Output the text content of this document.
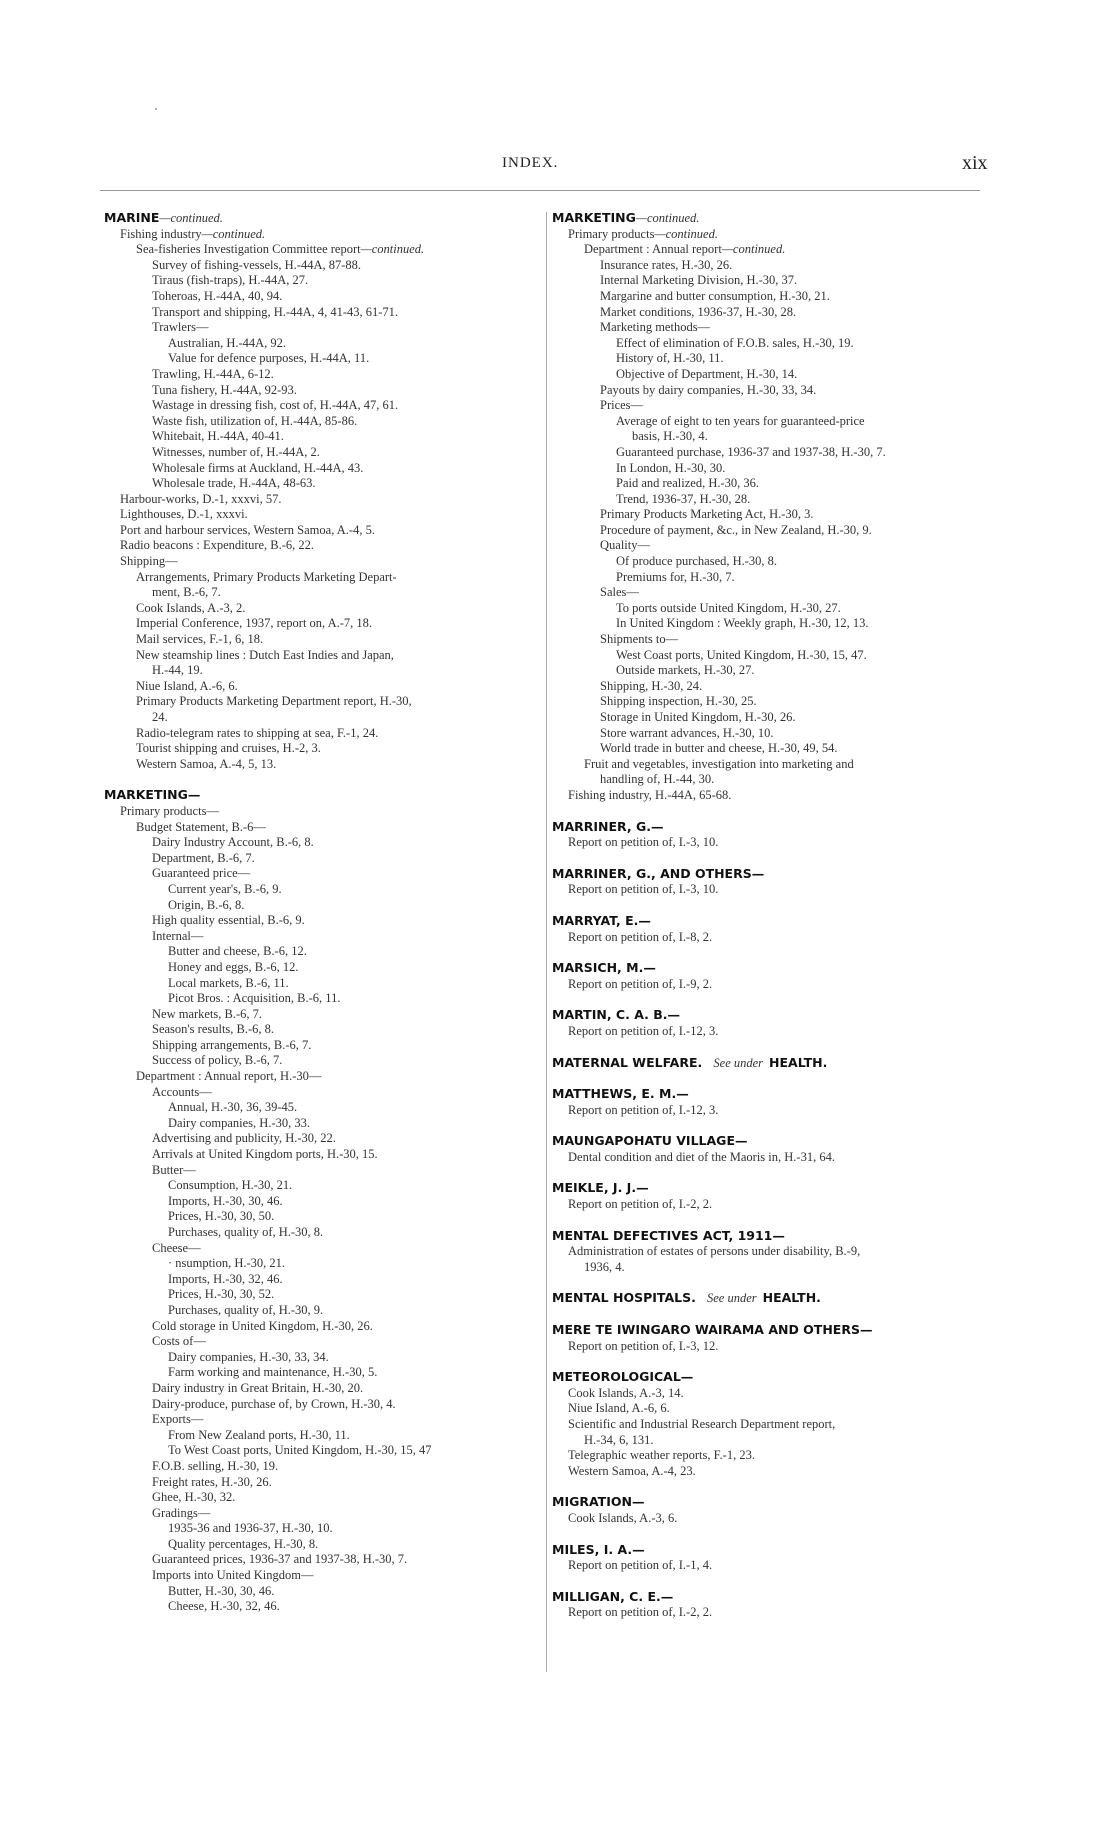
INDEX.	xix
MARINE—continued.
Fishing industry—continued.
Sea-fisheries Investigation Committee report—continued.
Survey of fishing-vessels, H.-44A, 87-88.
Tiraus (fish-traps), H.-44A, 27.
Toheroas, H.-44A, 40, 94.
Transport and shipping, H.-44A, 4, 41-43, 61-71.
Trawlers—
Australian, H.-44A, 92.
Value for defence purposes, H.-44A, 11.
Trawling, H.-44A, 6-12.
Tuna fishery, H.-44A, 92-93.
Wastage in dressing fish, cost of, H.-44A, 47, 61.
Waste fish, utilization of, H.-44A, 85-86.
Whitebait, H.-44A, 40-41.
Witnesses, number of, H.-44A, 2.
Wholesale firms at Auckland, H.-44A, 43.
Wholesale trade, H.-44A, 48-63.
Harbour-works, D.-1, xxxvi, 57.
Lighthouses, D.-1, xxxvi.
Port and harbour services, Western Samoa, A.-4, 5.
Radio beacons : Expenditure, B.-6, 22.
Shipping—
Arrangements, Primary Products Marketing Depart-
ment, B.-6, 7.
Cook Islands, A.-3, 2.
Imperial Conference, 1937, report on, A.-7, 18.
Mail services, F.-1, 6, 18.
New steamship lines : Dutch East Indies and Japan,
H.-44, 19.
Niue Island, A.-6, 6.
Primary Products Marketing Department report, H.-30,
24.
Radio-telegram rates to shipping at sea, F.-1, 24.
Tourist shipping and cruises, H.-2, 3.
Western Samoa, A.-4, 5, 13.
MARKETING—
Primary products—
Budget Statement, B.-6—
Dairy Industry Account, B.-6, 8.
Department, B.-6, 7.
Guaranteed price—
Current year's, B.-6, 9.
Origin, B.-6, 8.
High quality essential, B.-6, 9.
Internal—
Butter and cheese, B.-6, 12.
Honey and eggs, B.-6, 12.
Local markets, B.-6, 11.
Picot Bros. : Acquisition, B.-6, 11.
New markets, B.-6, 7.
Season's results, B.-6, 8.
Shipping arrangements, B.-6, 7.
Success of policy, B.-6, 7.
Department : Annual report, H.-30—
Accounts—
Annual, H.-30, 36, 39-45.
Dairy companies, H.-30, 33.
Advertising and publicity, H.-30, 22.
Arrivals at United Kingdom ports, H.-30, 15.
Butter—
Consumption, H.-30, 21.
Imports, H.-30, 30, 46.
Prices, H.-30, 30, 50.
Purchases, quality of, H.-30, 8.
Cheese—
· nsumption, H.-30, 21.
Imports, H.-30, 32, 46.
Prices, H.-30, 30, 52.
Purchases, quality of, H.-30, 9.
Cold storage in United Kingdom, H.-30, 26.
Costs of—
Dairy companies, H.-30, 33, 34.
Farm working and maintenance, H.-30, 5.
Dairy industry in Great Britain, H.-30, 20.
Dairy-produce, purchase of, by Crown, H.-30, 4.
Exports—
From New Zealand ports, H.-30, 11.
To West Coast ports, United Kingdom, H.-30, 15, 47
F.O.B. selling, H.-30, 19.
Freight rates, H.-30, 26.
Ghee, H.-30, 32.
Gradings—
1935-36 and 1936-37, H.-30, 10.
Quality percentages, H.-30, 8.
Guaranteed prices, 1936-37 and 1937-38, H.-30, 7.
Imports into United Kingdom—
Butter, H.-30, 30, 46.
Cheese, H.-30, 32, 46.
MARKETING—continued.
Primary products—continued.
Department : Annual report—continued.
Insurance rates, H.-30, 26.
Internal Marketing Division, H.-30, 37.
Margarine and butter consumption, H.-30, 21.
Market conditions, 1936-37, H.-30, 28.
Marketing methods—
Effect of elimination of F.O.B. sales, H.-30, 19.
History of, H.-30, 11.
Objective of Department, H.-30, 14.
Payouts by dairy companies, H.-30, 33, 34.
Prices—
Average of eight to ten years for guaranteed-price
basis, H.-30, 4.
Guaranteed purchase, 1936-37 and 1937-38, H.-30, 7.
In London, H.-30, 30.
Paid and realized, H.-30, 36.
Trend, 1936-37, H.-30, 28.
Primary Products Marketing Act, H.-30, 3.
Procedure of payment, &c., in New Zealand, H.-30, 9.
Quality—
Of produce purchased, H.-30, 8.
Premiums for, H.-30, 7.
Sales—
To ports outside United Kingdom, H.-30, 27.
In United Kingdom : Weekly graph, H.-30, 12, 13.
Shipments to—
West Coast ports, United Kingdom, H.-30, 15, 47.
Outside markets, H.-30, 27.
Shipping, H.-30, 24.
Shipping inspection, H.-30, 25.
Storage in United Kingdom, H.-30, 26.
Store warrant advances, H.-30, 10.
World trade in butter and cheese, H.-30, 49, 54.
Fruit and vegetables, investigation into marketing and
handling of, H.-44, 30.
Fishing industry, H.-44A, 65-68.
MARRINER, G.—
Report on petition of, I.-3, 10.
MARRINER, G., AND OTHERS—
Report on petition of, I.-3, 10.
MARRYAT, E.—
Report on petition of, I.-8, 2.
MARSICH, M.—
Report on petition of, I.-9, 2.
MARTIN, C. A. B.—
Report on petition of, I.-12, 3.
MATERNAL WELFARE. See under HEALTH.
MATTHEWS, E. M.—
Report on petition of, I.-12, 3.
MAUNGAPOHATU VILLAGE—
Dental condition and diet of the Maoris in, H.-31, 64.
MEIKLE, J. J.—
Report on petition of, I.-2, 2.
MENTAL DEFECTIVES ACT, 1911—
Administration of estates of persons under disability, B.-9,
1936, 4.
MENTAL HOSPITALS. See under HEALTH.
MERE TE IWINGARO WAIRAMA AND OTHERS—
Report on petition of, I.-3, 12.
METEOROLOGICAL—
Cook Islands, A.-3, 14.
Niue Island, A.-6, 6.
Scientific and Industrial Research Department report,
H.-34, 6, 131.
Telegraphic weather reports, F.-1, 23.
Western Samoa, A.-4, 23.
MIGRATION—
Cook Islands, A.-3, 6.
MILES, I. A.—
Report on petition of, I.-1, 4.
MILLIGAN, C. E.—
Report on petition of, I.-2, 2.
